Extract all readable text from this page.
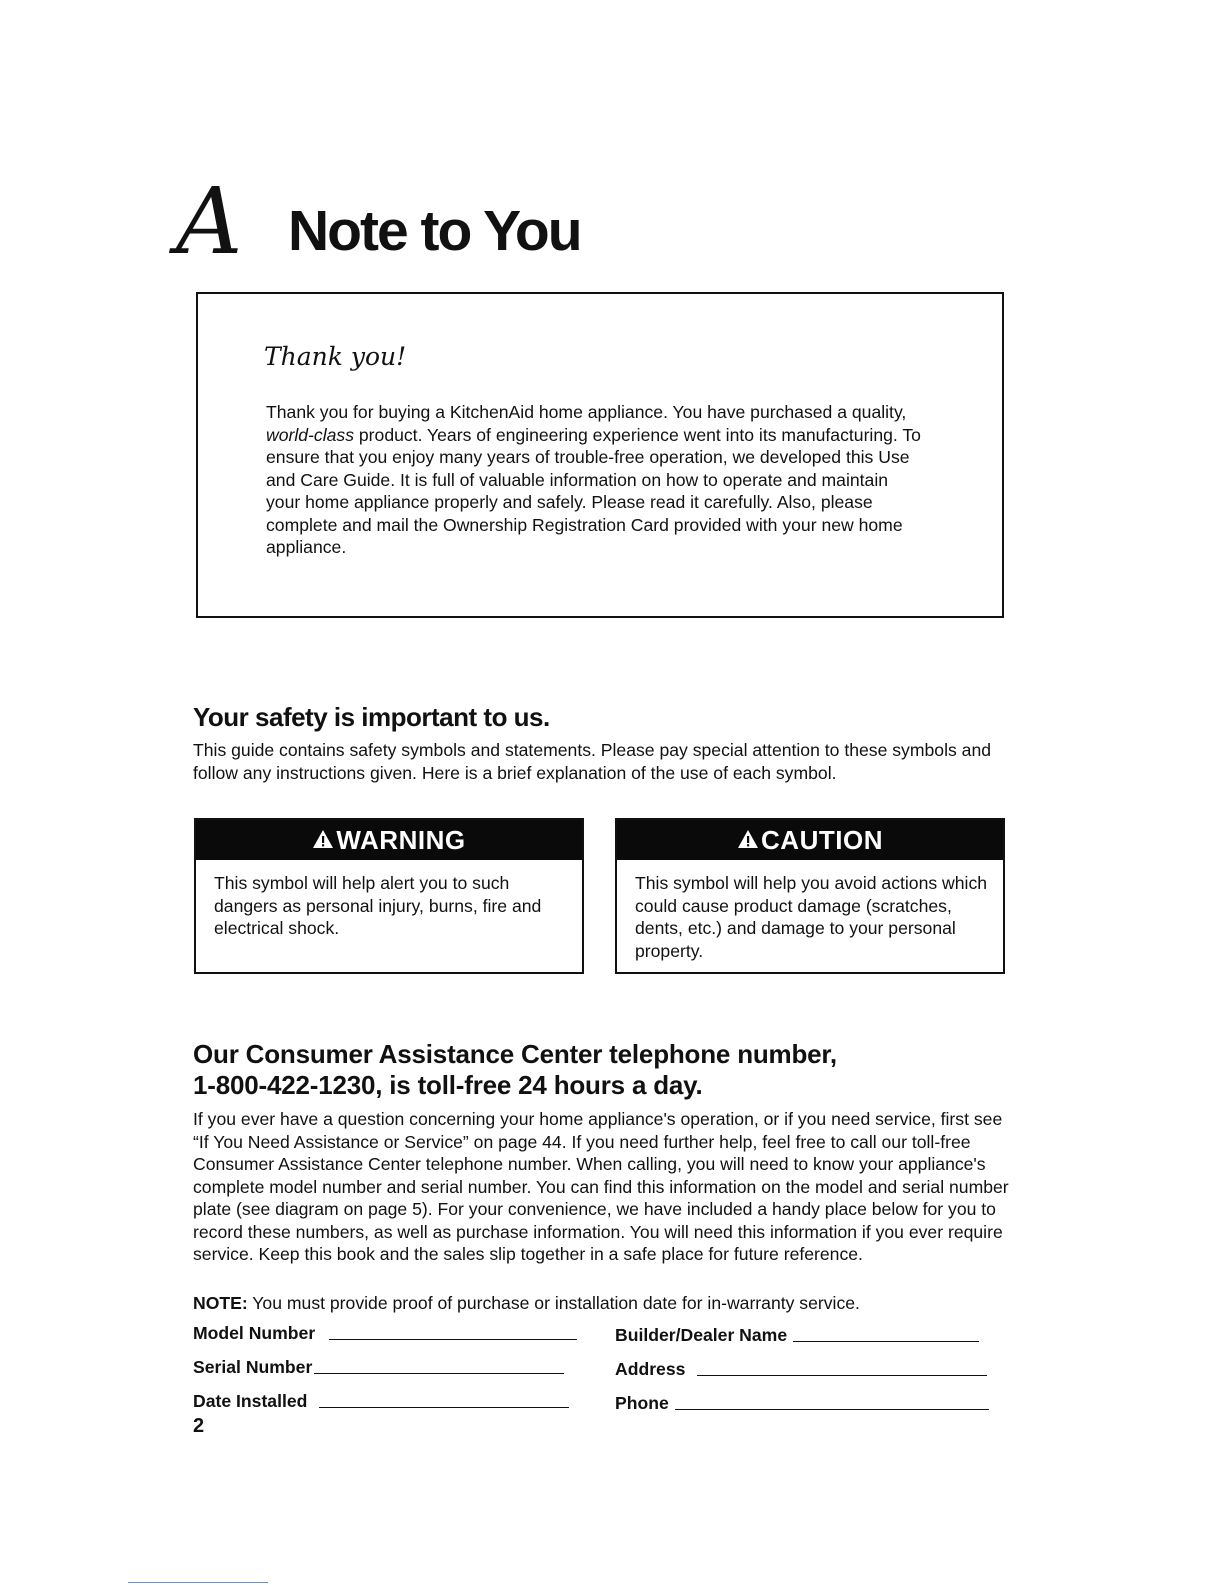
A Note to You
Thank you!

Thank you for buying a KitchenAid home appliance. You have purchased a quality, world-class product. Years of engineering experience went into its manufacturing. To ensure that you enjoy many years of trouble-free operation, we developed this Use and Care Guide. It is full of valuable information on how to operate and maintain your home appliance properly and safely. Please read it carefully. Also, please complete and mail the Ownership Registration Card provided with your new home appliance.

Your safety is important to us.
This guide contains safety symbols and statements. Please pay special attention to these symbols and follow any instructions given. Here is a brief explanation of the use of each symbol.
WARNING
This symbol will help alert you to such dangers as personal injury, burns, fire and electrical shock.
CAUTION
This symbol will help you avoid actions which could cause product damage (scratches, dents, etc.) and damage to your personal property.
Our Consumer Assistance Center telephone number,
1-800-422-1230, is toll-free 24 hours a day.
If you ever have a question concerning your home appliance's operation, or if you need service, first see “If You Need Assistance or Service” on page 44. If you need further help, feel free to call our toll-free Consumer Assistance Center telephone number. When calling, you will need to know your appliance's complete model number and serial number. You can find this information on the model and serial number plate (see diagram on page 5). For your convenience, we have included a handy place below for you to record these numbers, as well as purchase information. You will need this information if you ever require service. Keep this book and the sales slip together in a safe place for future reference.
NOTE: You must provide proof of purchase or installation date for in-warranty service.
Model Number
Serial Number
Date Installed
Builder/Dealer Name
Address
Phone
2
